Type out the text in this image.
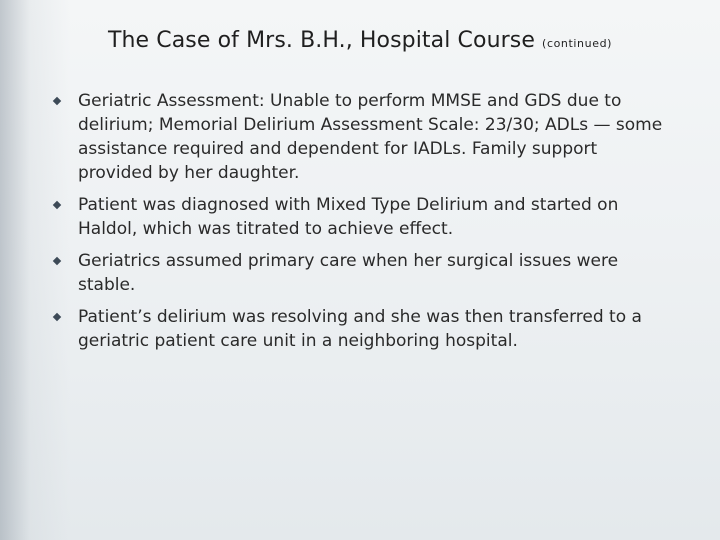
The Case of Mrs. B.H., Hospital Course (continued)
Geriatric Assessment: Unable to perform MMSE and GDS due to delirium; Memorial Delirium Assessment Scale: 23/30; ADLs — some assistance required and dependent for IADLs. Family support provided by her daughter.
Patient was diagnosed with Mixed Type Delirium and started on Haldol, which was titrated to achieve effect.
Geriatrics assumed primary care when her surgical issues were stable.
Patient’s delirium was resolving and she was then transferred to a geriatric patient care unit in a neighboring hospital.
